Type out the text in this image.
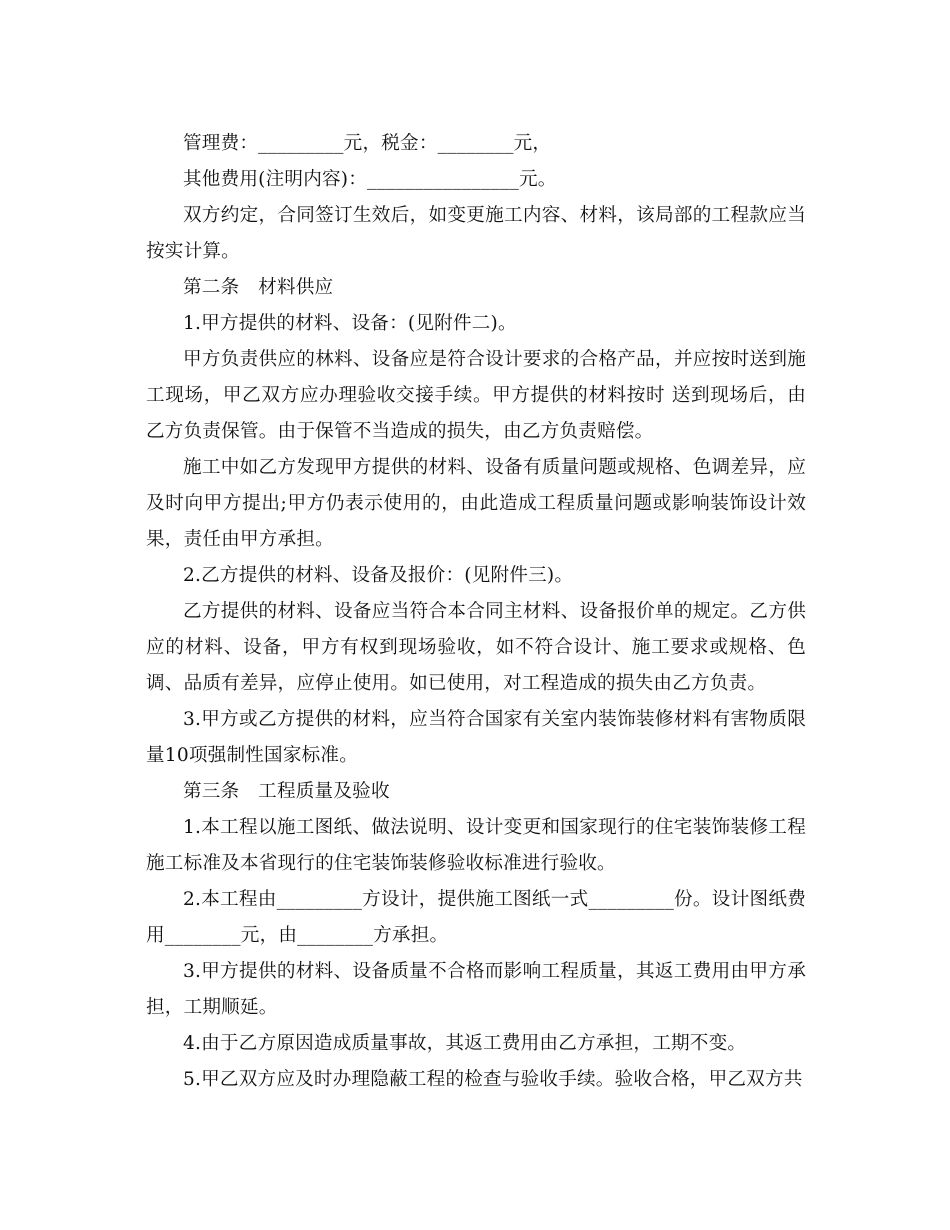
管理费：_________元，税金：________元，

其他费用(注明内容)：________________元。

双方约定，合同签订生效后，如变更施工内容、材料，该局部的工程款应当按实计算。

第二条　材料供应

1.甲方提供的材料、设备：(见附件二)。

甲方负责供应的林料、设备应是符合设计要求的合格产品，并应按时送到施工现场，甲乙双方应办理验收交接手续。甲方提供的材料按时 送到现场后，由乙方负责保管。由于保管不当造成的损失，由乙方负责赔偿。

施工中如乙方发现甲方提供的材料、设备有质量问题或规格、色调差异，应及时向甲方提出;甲方仍表示使用的，由此造成工程质量问题或影响装饰设计效果，责任由甲方承担。

2.乙方提供的材料、设备及报价：(见附件三)。

乙方提供的材料、设备应当符合本合同主材料、设备报价单的规定。乙方供应的材料、设备，甲方有权到现场验收，如不符合设计、施工要求或规格、色调、品质有差异，应停止使用。如已使用，对工程造成的损失由乙方负责。

3.甲方或乙方提供的材料，应当符合国家有关室内装饰装修材料有害物质限量10项强制性国家标准。

第三条　工程质量及验收

1.本工程以施工图纸、做法说明、设计变更和国家现行的住宅装饰装修工程施工标准及本省现行的住宅装饰装修验收标准进行验收。

2.本工程由_________方设计，提供施工图纸一式_________份。设计图纸费用________元，由________方承担。

3.甲方提供的材料、设备质量不合格而影响工程质量，其返工费用由甲方承担，工期顺延。

4.由于乙方原因造成质量事故，其返工费用由乙方承担，工期不变。

5.甲乙双方应及时办理隐蔽工程的检查与验收手续。验收合格，甲乙双方共
